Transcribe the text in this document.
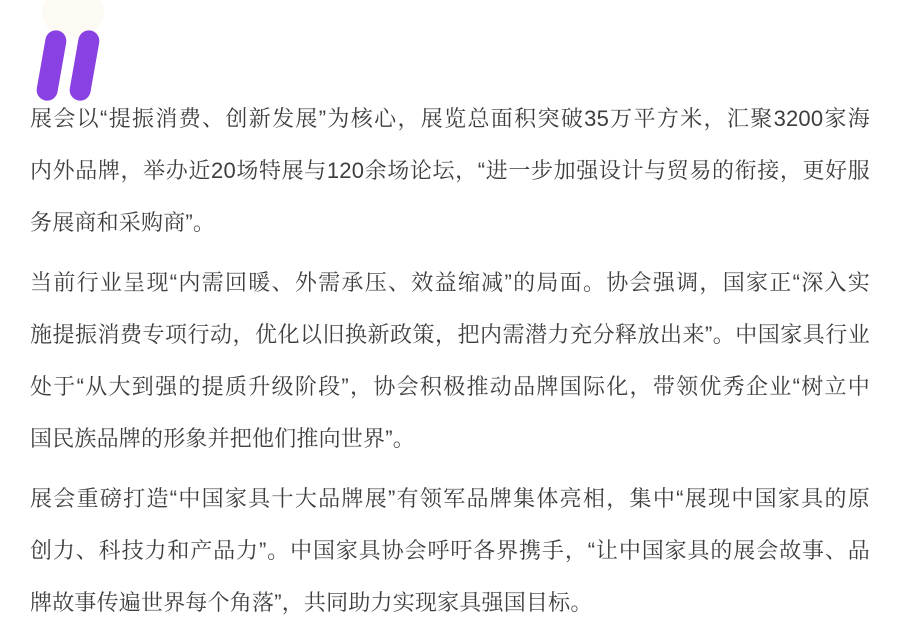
展会以“提振消费、创新发展”为核心，展览总面积突破35万平方米，汇聚3200家海
内外品牌，举办近20场特展与120余场论坛，“进一步加强设计与贸易的衔接，更好服
务展商和采购商”。
当前行业呈现“内需回暖、外需承压、效益缩减”的局面。协会强调，国家正“深入实
施提振消费专项行动，优化以旧换新政策，把内需潜力充分释放出来”。中国家具行业
处于“从大到强的提质升级阶段”，协会积极推动品牌国际化，带领优秀企业“树立中
国民族品牌的形象并把他们推向世界”。
展会重磅打造“中国家具十大品牌展”有领军品牌集体亮相，集中“展现中国家具的原
创力、科技力和产品力”。中国家具协会呼吁各界携手，“让中国家具的展会故事、品
牌故事传遍世界每个角落”，共同助力实现家具强国目标。
